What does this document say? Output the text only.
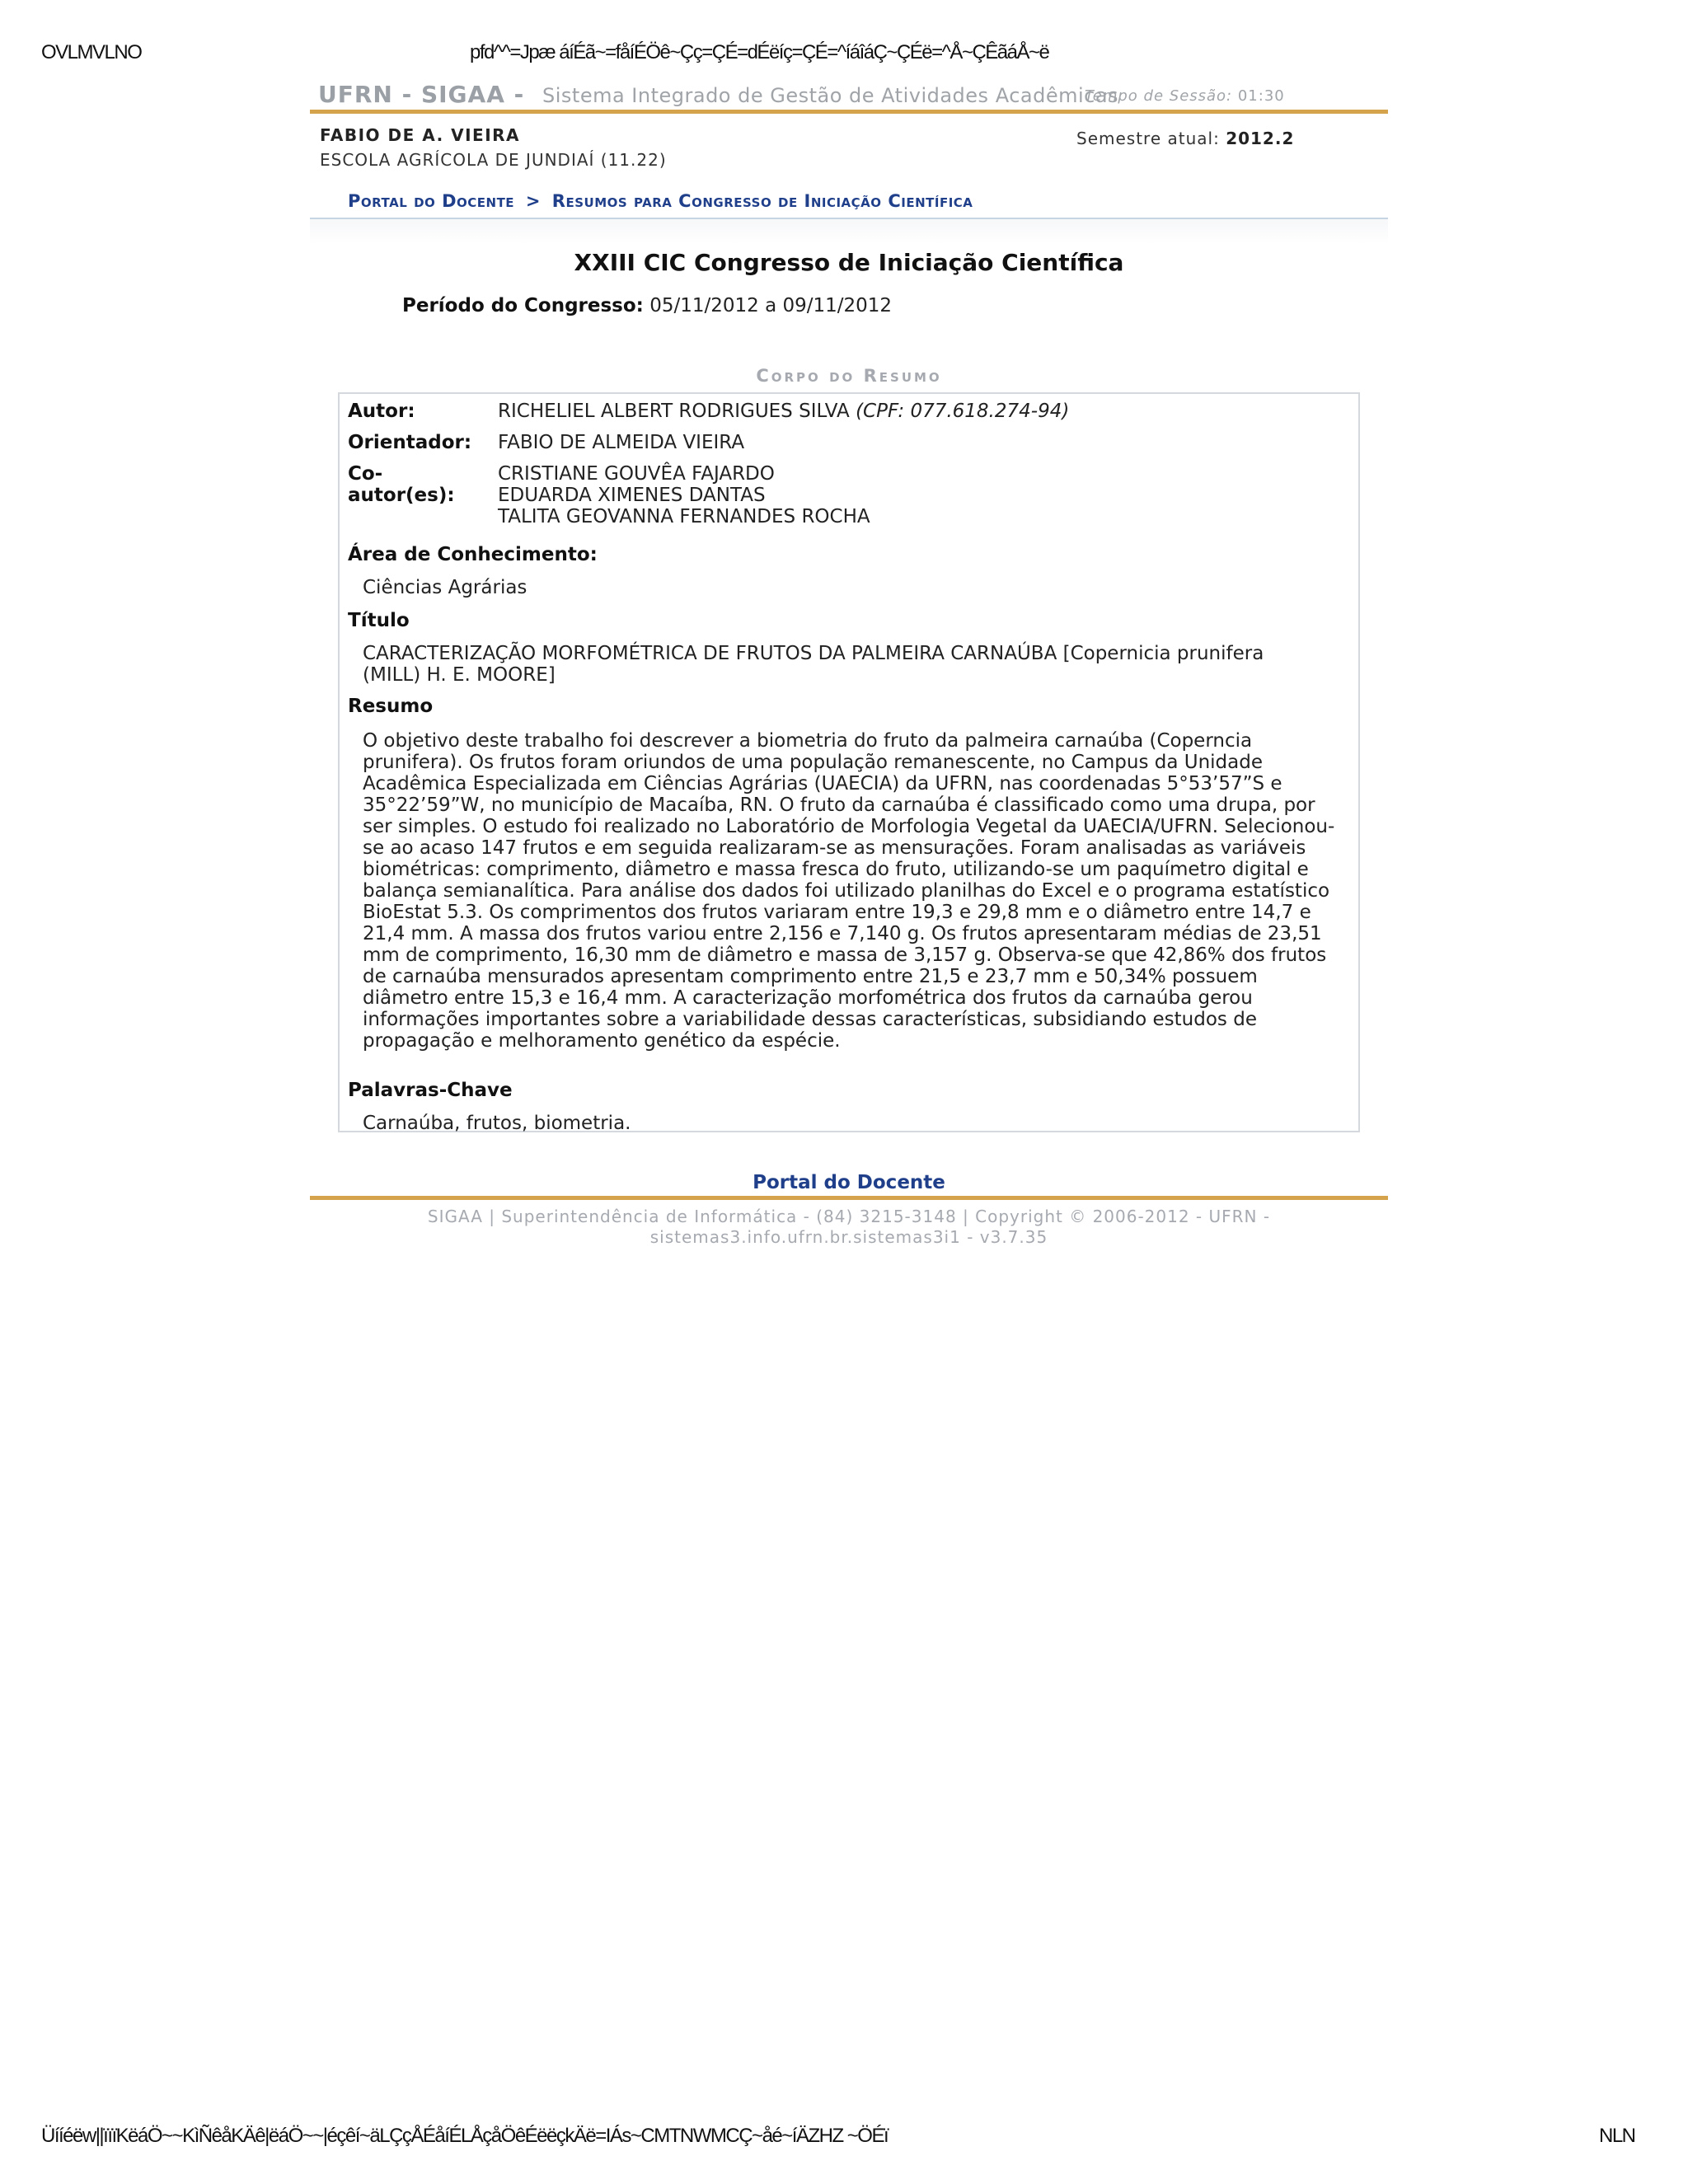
OVLMVLNO	pfd^^=Jpæ áíÉã~=fåíÉÖê~Çç=ÇÉ=dÉëíç=ÇÉ=^íáîáÇ~ÇÉë=^Å~ÇÊãáÅ~ë
UFRN - SIGAA - Sistema Integrado de Gestão de Atividades Acadêmicas
Tempo de Sessão: 01:30
FABIO DE A. VIEIRA
ESCOLA AGRÍCOLA DE JUNDIAÍ (11.22)
Semestre atual: 2012.2
Portal do Docente > Resumos para Congresso de Iniciação Científica
XXIII CIC Congresso de Iniciação Científica
Período do Congresso: 05/11/2012 a 09/11/2012
Corpo do Resumo
Autor:	RICHELIEL ALBERT RODRIGUES SILVA (CPF: 077.618.274-94)
Orientador:	FABIO DE ALMEIDA VIEIRA
Co-
autor(es):
CRISTIANE GOUVÊA FAJARDO
EDUARDA XIMENES DANTAS
TALITA GEOVANNA FERNANDES ROCHA
Área de Conhecimento:
Ciências Agrárias
Título
CARACTERIZAÇÃO MORFOMÉTRICA DE FRUTOS DA PALMEIRA CARNAÚBA [Copernicia prunifera
(MILL) H. E. MOORE]
Resumo
O objetivo deste trabalho foi descrever a biometria do fruto da palmeira carnaúba (Coperncia
prunifera). Os frutos foram oriundos de uma população remanescente, no Campus da Unidade
Acadêmica Especializada em Ciências Agrárias (UAECIA) da UFRN, nas coordenadas 5°53’57”S e
35°22’59”W, no município de Macaíba, RN. O fruto da carnaúba é classificado como uma drupa, por
ser simples. O estudo foi realizado no Laboratório de Morfologia Vegetal da UAECIA/UFRN. Selecionou-
se ao acaso 147 frutos e em seguida realizaram-se as mensurações. Foram analisadas as variáveis
biométricas: comprimento, diâmetro e massa fresca do fruto, utilizando-se um paquímetro digital e
balança semianalítica. Para análise dos dados foi utilizado planilhas do Excel e o programa estatístico
BioEstat 5.3. Os comprimentos dos frutos variaram entre 19,3 e 29,8 mm e o diâmetro entre 14,7 e
21,4 mm. A massa dos frutos variou entre 2,156 e 7,140 g. Os frutos apresentaram médias de 23,51
mm de comprimento, 16,30 mm de diâmetro e massa de 3,157 g. Observa-se que 42,86% dos frutos
de carnaúba mensurados apresentam comprimento entre 21,5 e 23,7 mm e 50,34% possuem
diâmetro entre 15,3 e 16,4 mm. A caracterização morfométrica dos frutos da carnaúba gerou
informações importantes sobre a variabilidade dessas características, subsidiando estudos de
propagação e melhoramento genético da espécie.
Palavras-Chave
Carnaúba, frutos, biometria.
Portal do Docente
SIGAA | Superintendência de Informática - (84) 3215-3148 | Copyright © 2006-2012 - UFRN -
sistemas3.info.ufrn.br.sistemas3i1 - v3.7.35
Üííéëw||ïïïKëáÖ~~KìÑêåKÄê|ëáÖ~~|éçêí~äLÇçÅÉåíÉLÅçåÖêÉëëçkÄë=IÁs~CMTNWMCÇ~åé~íÄZHZ ~ÖÉï	NLN
